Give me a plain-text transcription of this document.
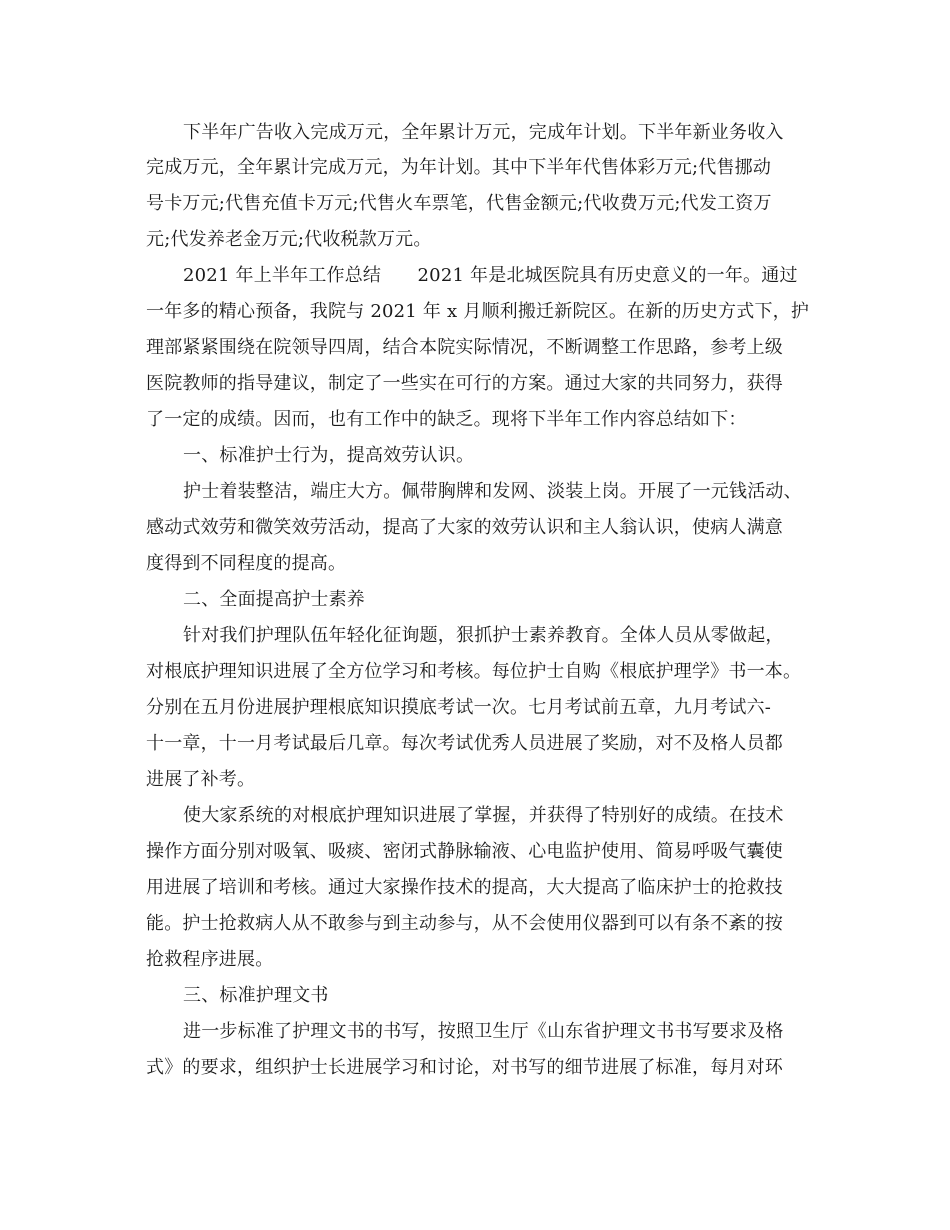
下半年广告收入完成万元，全年累计万元，完成年计划。下半年新业务收入
完成万元，全年累计完成万元，为年计划。其中下半年代售体彩万元;代售挪动
号卡万元;代售充值卡万元;代售火车票笔，代售金额元;代收费万元;代发工资万
元;代发养老金万元;代收税款万元。
2021 年上半年工作总结　　2021 年是北城医院具有历史意义的一年。通过
一年多的精心预备，我院与 2021 年 x 月顺利搬迁新院区。在新的历史方式下，护
理部紧紧围绕在院领导四周，结合本院实际情况，不断调整工作思路，参考上级
医院教师的指导建议，制定了一些实在可行的方案。通过大家的共同努力，获得
了一定的成绩。因而，也有工作中的缺乏。现将下半年工作内容总结如下：
一、标准护士行为，提高效劳认识。
护士着装整洁，端庄大方。佩带胸牌和发网、淡装上岗。开展了一元钱活动、
感动式效劳和微笑效劳活动，提高了大家的效劳认识和主人翁认识，使病人满意
度得到不同程度的提高。
二、全面提高护士素养
针对我们护理队伍年轻化征询题，狠抓护士素养教育。全体人员从零做起，
对根底护理知识进展了全方位学习和考核。每位护士自购《根底护理学》书一本。
分别在五月份进展护理根底知识摸底考试一次。七月考试前五章，九月考试六-
十一章，十一月考试最后几章。每次考试优秀人员进展了奖励，对不及格人员都
进展了补考。
使大家系统的对根底护理知识进展了掌握，并获得了特别好的成绩。在技术
操作方面分别对吸氧、吸痰、密闭式静脉输液、心电监护使用、简易呼吸气囊使
用进展了培训和考核。通过大家操作技术的提高，大大提高了临床护士的抢救技
能。护士抢救病人从不敢参与到主动参与，从不会使用仪器到可以有条不紊的按
抢救程序进展。
三、标准护理文书
进一步标准了护理文书的书写，按照卫生厅《山东省护理文书书写要求及格
式》的要求，组织护士长进展学习和讨论，对书写的细节进展了标准，每月对环
